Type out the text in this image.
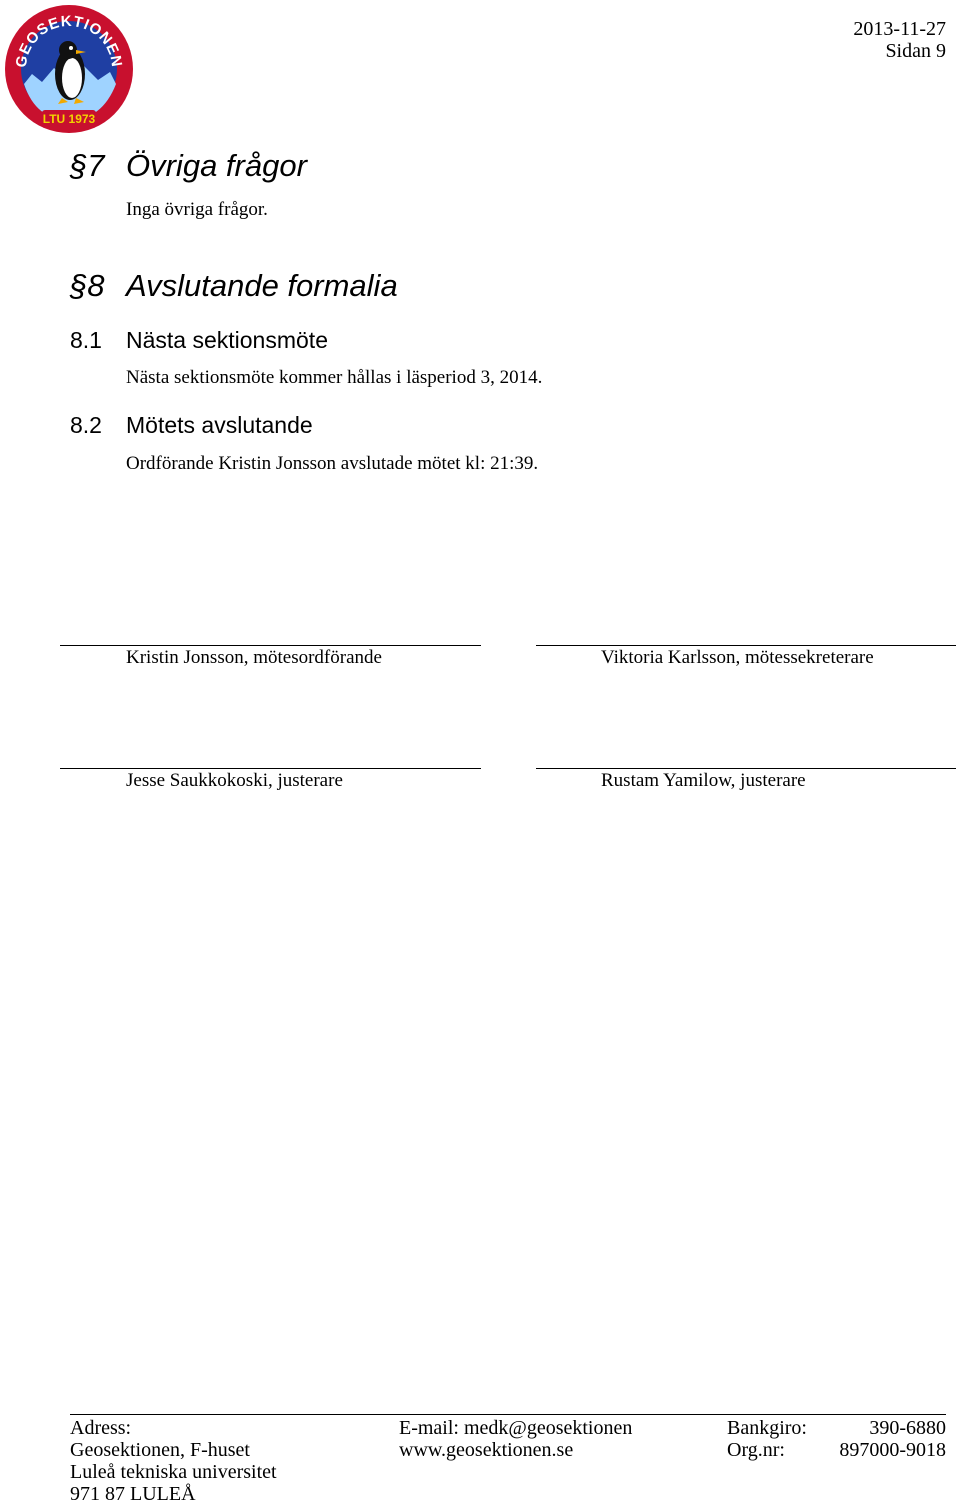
GEOSEKTIONEN
LTU 1973
2013-11-27
Sidan 9
§7 Övriga frågor
Inga övriga frågor.
§8 Avslutande formalia
8.1 Nästa sektionsmöte
Nästa sektionsmöte kommer hållas i läsperiod 3, 2014.
8.2 Mötets avslutande
Ordförande Kristin Jonsson avslutade mötet kl: 21:39.
Kristin Jonsson, mötesordförande	Viktoria Karlsson, mötessekreterare
Jesse Saukkokoski, justerare	Rustam Yamilow, justerare
Adress:
Geosektionen, F-huset
Luleå tekniska universitet
971 87 LULEÅ
E-mail: medk@geosektionen
www.geosektionen.se
Bankgiro:	390-6880
Org.nr:	897000-9018
